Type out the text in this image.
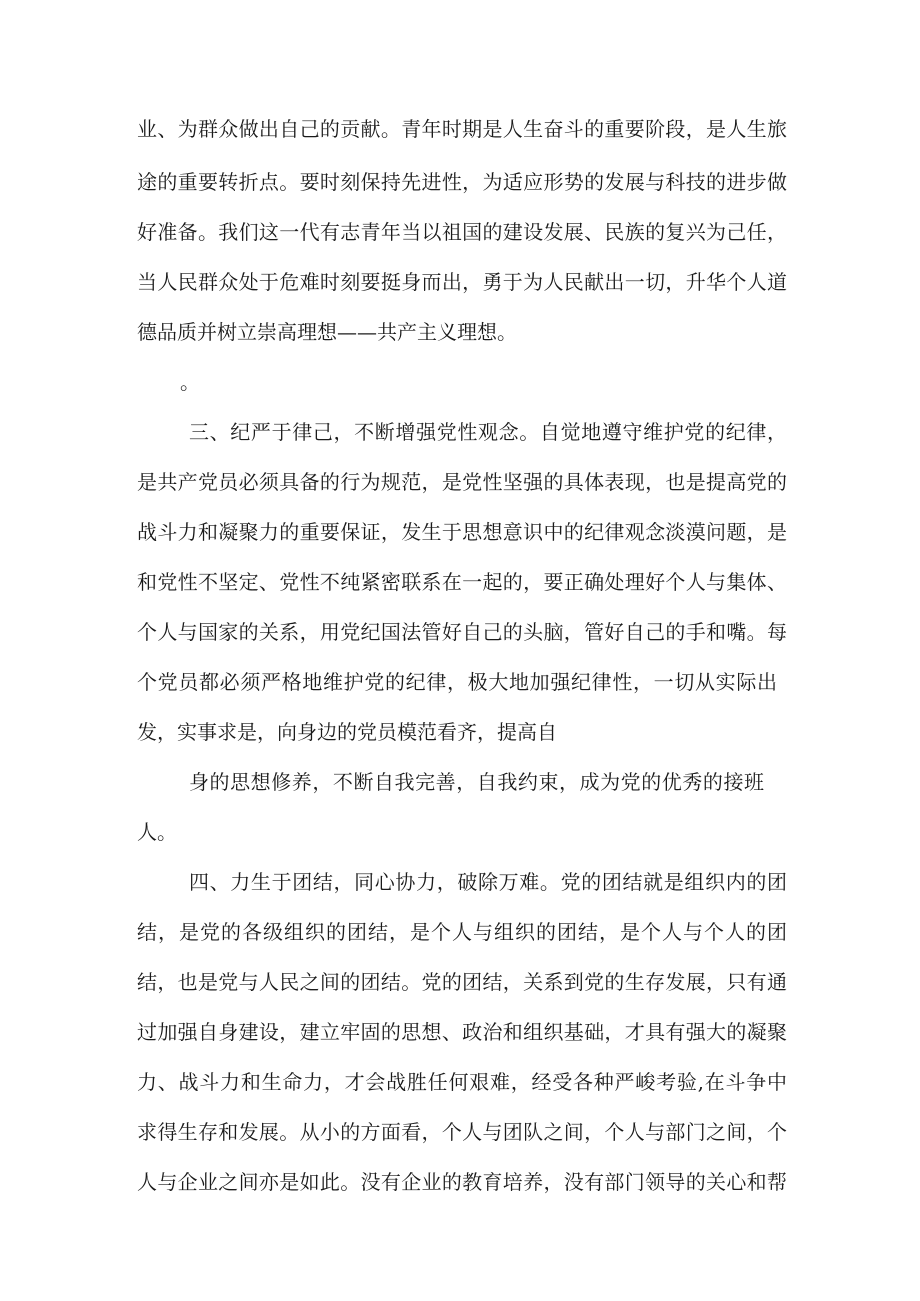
业、为群众做出自己的贡献。青年时期是人生奋斗的重要阶段，是人生旅
途的重要转折点。要时刻保持先进性，为适应形势的发展与科技的进步做
好准备。我们这一代有志青年当以祖国的建设发展、民族的复兴为己任，
当人民群众处于危难时刻要挺身而出，勇于为人民献出一切，升华个人道
德品质并树立崇高理想——共产主义理想。
。
三、纪严于律己，不断增强党性观念。自觉地遵守维护党的纪律，
是共产党员必须具备的行为规范，是党性坚强的具体表现，也是提高党的
战斗力和凝聚力的重要保证，发生于思想意识中的纪律观念淡漠问题，是
和党性不坚定、党性不纯紧密联系在一起的，要正确处理好个人与集体、
个人与国家的关系，用党纪国法管好自己的头脑，管好自己的手和嘴。每
个党员都必须严格地维护党的纪律，极大地加强纪律性，一切从实际出
发，实事求是，向身边的党员模范看齐，提高自
身的思想修养，不断自我完善，自我约束，成为党的优秀的接班
人。
四、力生于团结，同心协力，破除万难。党的团结就是组织内的团
结，是党的各级组织的团结，是个人与组织的团结，是个人与个人的团
结，也是党与人民之间的团结。党的团结，关系到党的生存发展，只有通
过加强自身建设，建立牢固的思想、政治和组织基础，才具有强大的凝聚
力、战斗力和生命力，才会战胜任何艰难，经受各种严峻考验,在斗争中
求得生存和发展。从小的方面看，个人与团队之间，个人与部门之间，个
人与企业之间亦是如此。没有企业的教育培养，没有部门领导的关心和帮
